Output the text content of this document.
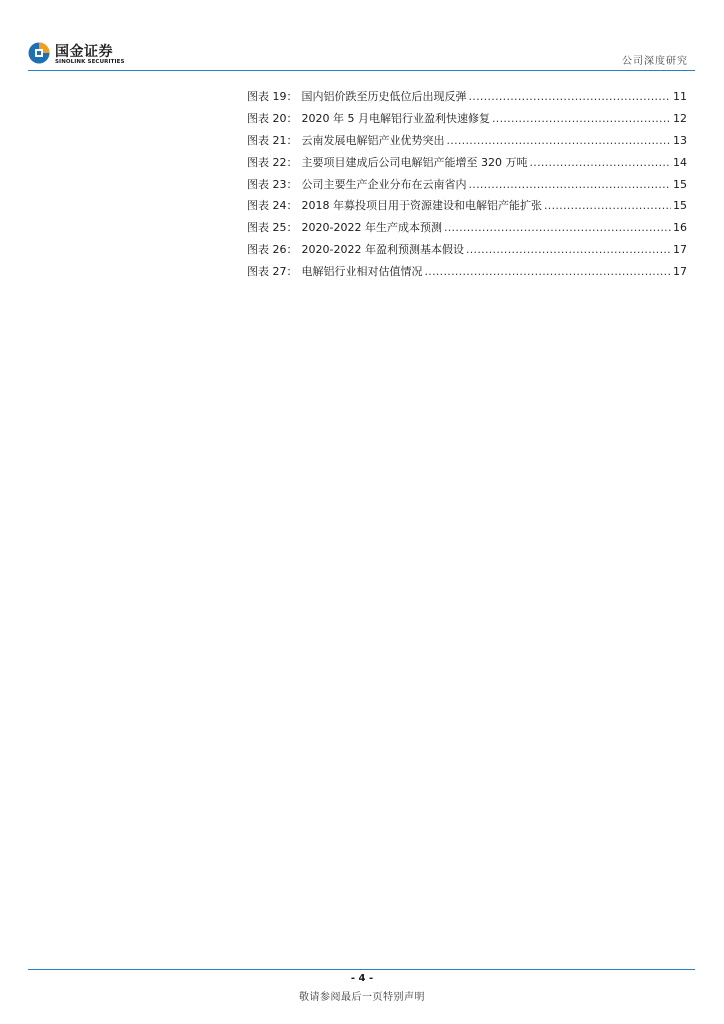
国金证券
SINOLINK SECURITIES	公司深度研究
图表 19： 国内铝价跌至历史低位后出现反弹 .....	11
图表 20： 2020 年 5 月电解铝行业盈利快速修复 .....	12
图表 21： 云南发展电解铝产业优势突出 .....	13
图表 22： 主要项目建成后公司电解铝产能增至 320 万吨 .....	14
图表 23： 公司主要生产企业分布在云南省内 .....	15
图表 24： 2018 年募投项目用于资源建设和电解铝产能扩张 .....	15
图表 25： 2020-2022 年生产成本预测 .....	16
图表 26： 2020-2022 年盈利预测基本假设 .....	17
图表 27： 电解铝行业相对估值情况 .....	17
- 4 -
敬请参阅最后一页特别声明
